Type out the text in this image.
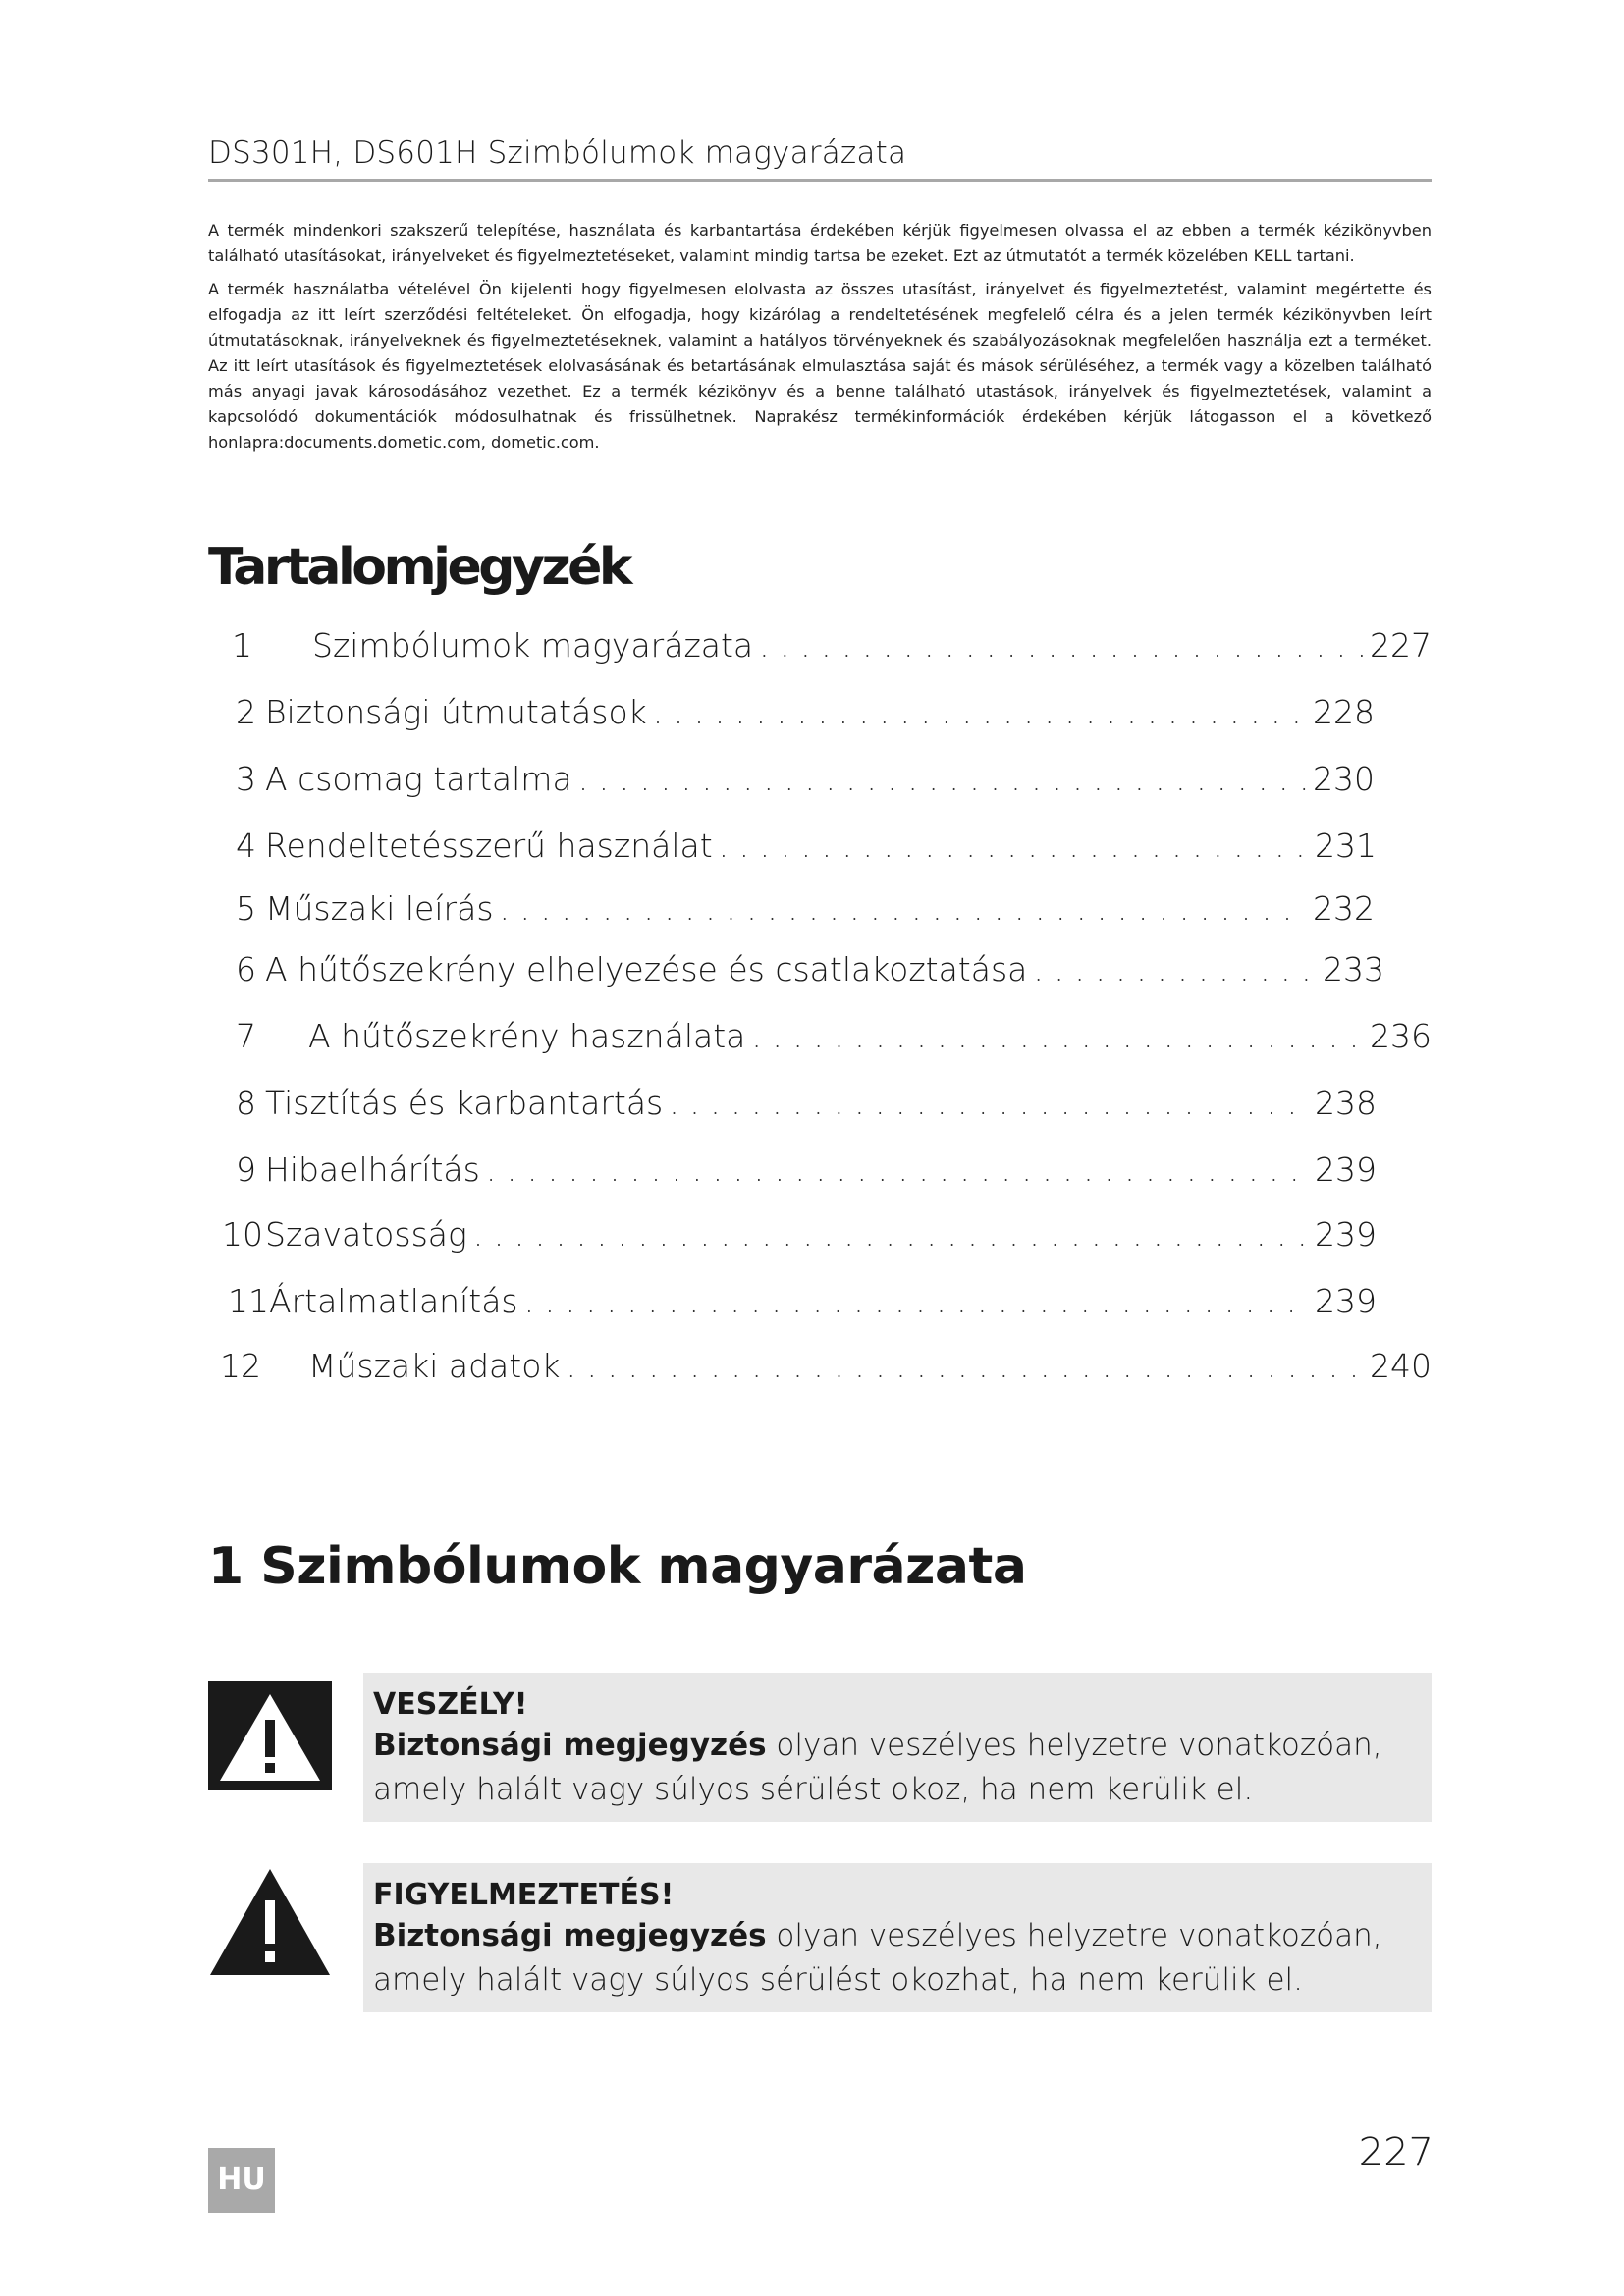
DS301H, DS601H Szimbólumok magyarázata

A termék mindenkori szakszerű telepítése, használata és karbantartása érdekében kérjük figyelmesen olvassa el az ebben a termék kézikönyvben található utasításokat, irányelveket és figyelmeztetéseket, valamint mindig tartsa be ezeket. Ezt az útmutatót a termék közelében KELL tartani.

A termék használatba vételével Ön kijelenti hogy figyelmesen elolvasta az összes utasítást, irányelvet és figyelmeztetést, valamint megértette és elfogadja az itt leírt szerződési feltételeket. Ön elfogadja, hogy kizárólag a rendeltetésének megfelelő célra és a jelen termék kézikönyvben leírt útmutatásoknak, irányelveknek és figyelmeztetéseknek, valamint a hatályos törvényeknek és szabályozásoknak megfelelően használja ezt a terméket. Az itt leírt utasítások és figyelmeztetések elolvasásának és betartásának elmulasztása saját és mások sérüléséhez, a termék vagy a közelben található más anyagi javak károsodásához vezethet. Ez a termék kézikönyv és a benne található utastások, irányelvek és figyelmeztetések, valamint a kapcsolódó dokumentációk módosulhatnak és frissülhetnek. Naprakész termékinformációk érdekében kérjük látogasson el a következő honlapra:documents.dometic.com, dometic.com.

Tartalomjegyzék
1	Szimbólumok magyarázata . . .	227
2 Biztonsági útmutatások . . .	228
3 A csomag tartalma . . .	230
4 Rendeltetésszerű használat . . .	231
5 Műszaki leírás . . .	232
6 A hűtőszekrény elhelyezése és csatlakoztatása . . .	233
7	A hűtőszekrény használata . . .	236
8 Tisztítás és karbantartás . . .	238
9 Hibaelhárítás . . .	239
10 Szavatosság . . .	239
11 Ártalmatlanítás . . .	239
12	Műszaki adatok . . .	240
1 Szimbólumok magyarázata

VESZÉLY!

Biztonsági megjegyzés olyan veszélyes helyzetre vonatkozóan, amely halált vagy súlyos sérülést okoz, ha nem kerülik el.

FIGYELMEZTETÉS!

Biztonsági megjegyzés olyan veszélyes helyzetre vonatkozóan, amely halált vagy súlyos sérülést okozhat, ha nem kerülik el.

HU
227
